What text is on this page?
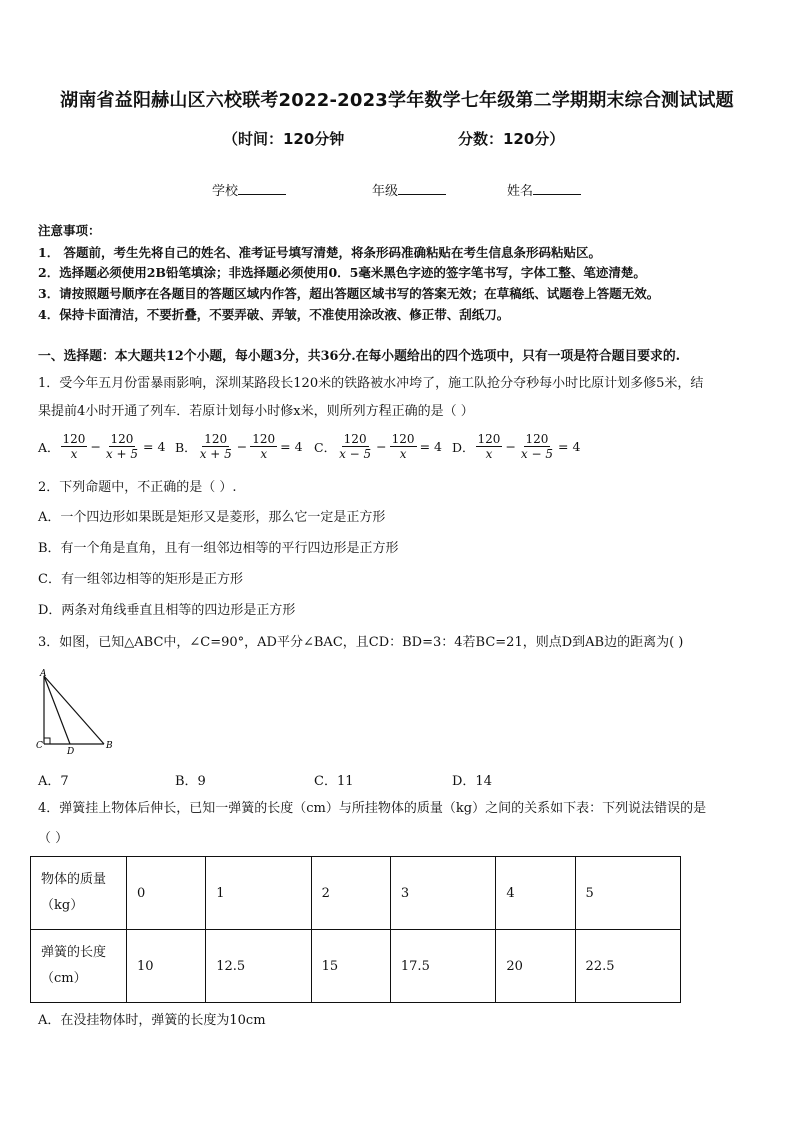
湖南省益阳赫山区六校联考2022-2023学年数学七年级第二学期期末综合测试试题
（时间：120分钟	分数：120分）
学校	年级	姓名
注意事项：
1． 答题前，考生先将自己的姓名、准考证号填写清楚，将条形码准确粘贴在考生信息条形码粘贴区。
2．选择题必须使用2B铅笔填涂；非选择题必须使用0．5毫米黑色字迹的签字笔书写，字体工整、笔迹清楚。
3．请按照题号顺序在各题目的答题区域内作答，超出答题区域书写的答案无效；在草稿纸、试题卷上答题无效。
4．保持卡面清洁，不要折叠，不要弄破、弄皱，不准使用涂改液、修正带、刮纸刀。
一、选择题：本大题共12个小题，每小题3分，共36分.在每小题给出的四个选项中，只有一项是符合题目要求的.
1．受今年五月份雷暴雨影响，深圳某路段长120米的铁路被水冲垮了，施工队抢分夺秒每小时比原计划多修5米，结
果提前4小时开通了列车．若原计划每小时修x米，则所列方程正确的是（ ）
A． $\frac{120}{x} - \frac{120}{x + 5} = 4$ B． $\frac{120}{x + 5} - \frac{120}{x} = 4$ C． $\frac{120}{x - 5} - \frac{120}{x} = 4$ D． $\frac{120}{x} - \frac{120}{x - 5} = 4$
2．下列命题中，不正确的是（ ）.
A．一个四边形如果既是矩形又是菱形，那么它一定是正方形
B．有一个角是直角，且有一组邻边相等的平行四边形是正方形
C．有一组邻边相等的矩形是正方形
D．两条对角线垂直且相等的四边形是正方形
3．如图，已知△ABC中，∠C=90°，AD平分∠BAC，且CD：BD=3：4若BC=21，则点D到AB边的距离为( )
A
C
D
B
A．7	B．9	C．11	D．14
4．弹簧挂上物体后伸长，已知一弹簧的长度（cm）与所挂物体的质量（kg）之间的关系如下表：下列说法错误的是
（ ）
物体的质量
（kg）	0	1	2	3	4	5
弹簧的长度
（cm）	10	12.5	15	17.5	20	22.5
A．在没挂物体时，弹簧的长度为10cm
